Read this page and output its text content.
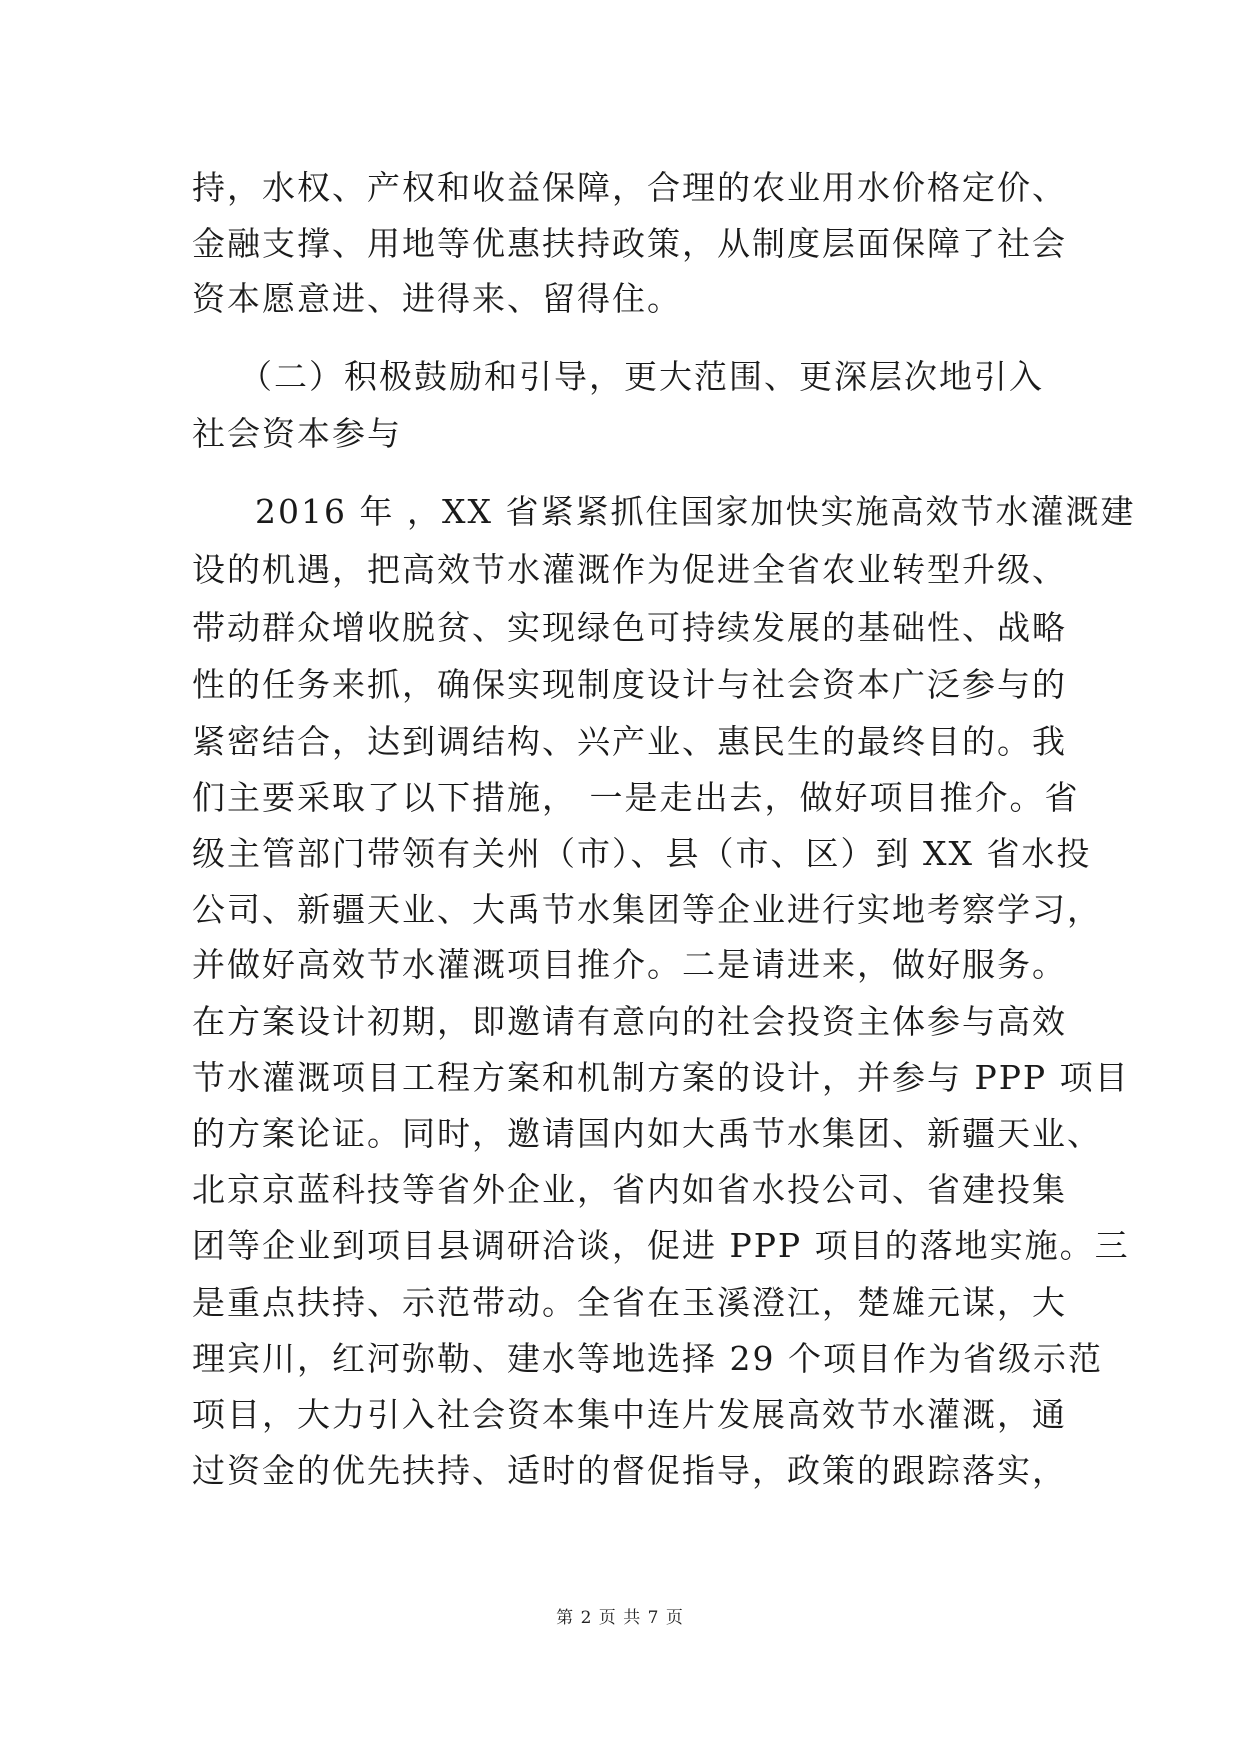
持，水权、产权和收益保障，合理的农业用水价格定价、
金融支撑、用地等优惠扶持政策，从制度层面保障了社会
资本愿意进、进得来、留得住。
（二）积极鼓励和引导，更大范围、更深层次地引入
社会资本参与
2016 年 ，XX 省紧紧抓住国家加快实施高效节水灌溉建
设的机遇，把高效节水灌溉作为促进全省农业转型升级、
带动群众增收脱贫、实现绿色可持续发展的基础性、战略
性的任务来抓，确保实现制度设计与社会资本广泛参与的
紧密结合，达到调结构、兴产业、惠民生的最终目的。我
们主要采取了以下措施， 一是走出去，做好项目推介。省
级主管部门带领有关州（市）、县（市、区）到 XX 省水投
公司、新疆天业、大禹节水集团等企业进行实地考察学习，
并做好高效节水灌溉项目推介。二是请进来，做好服务。
在方案设计初期，即邀请有意向的社会投资主体参与高效
节水灌溉项目工程方案和机制方案的设计，并参与 PPP 项目
的方案论证。同时，邀请国内如大禹节水集团、新疆天业、
北京京蓝科技等省外企业，省内如省水投公司、省建投集
团等企业到项目县调研洽谈，促进 PPP 项目的落地实施。三
是重点扶持、示范带动。全省在玉溪澄江，楚雄元谋，大
理宾川，红河弥勒、建水等地选择 29 个项目作为省级示范
项目，大力引入社会资本集中连片发展高效节水灌溉，通
过资金的优先扶持、适时的督促指导，政策的跟踪落实，
第 2 页 共 7 页
